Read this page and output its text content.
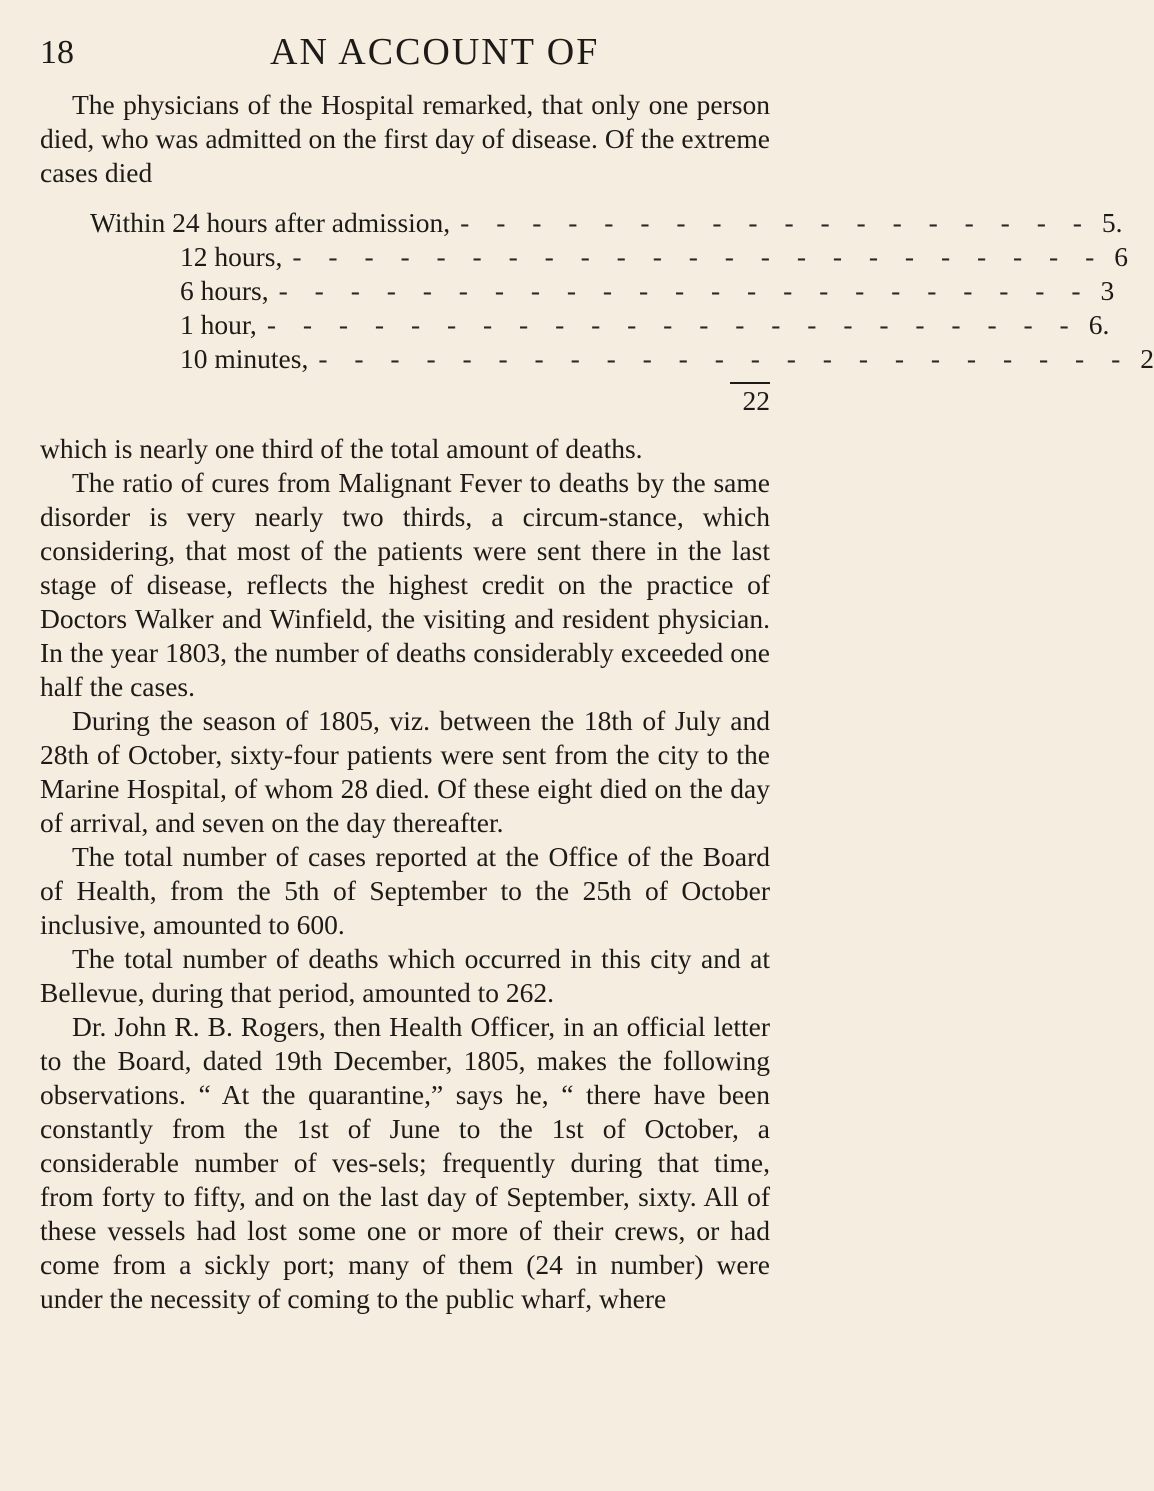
18	AN ACCOUNT OF

The physicians of the Hospital remarked, that only one person died, who was admitted on the first day of disease. Of the extreme cases died

Within 24 hours after admission, - - - - - - - - - - - - - - - - - - 5.
12 hours, - - - - - - - - - - - - - - - - - - - - - - - 6
6 hours, - - - - - - - - - - - - - - - - - - - - - - - 3
1 hour, - - - - - - - - - - - - - - - - - - - - - - - 6.
10 minutes, - - - - - - - - - - - - - - - - - - - - - - - 2
22

which is nearly one third of the total amount of deaths.

The ratio of cures from Malignant Fever to deaths by the same disorder is very nearly two thirds, a circum-stance, which considering, that most of the patients were sent there in the last stage of disease, reflects the highest credit on the practice of Doctors Walker and Winfield, the visiting and resident physician. In the year 1803, the number of deaths considerably exceeded one half the cases.

During the season of 1805, viz. between the 18th of July and 28th of October, sixty-four patients were sent from the city to the Marine Hospital, of whom 28 died. Of these eight died on the day of arrival, and seven on the day thereafter.

The total number of cases reported at the Office of the Board of Health, from the 5th of September to the 25th of October inclusive, amounted to 600.

The total number of deaths which occurred in this city and at Bellevue, during that period, amounted to 262.

Dr. John R. B. Rogers, then Health Officer, in an official letter to the Board, dated 19th December, 1805, makes the following observations. “ At the quarantine,” says he, “ there have been constantly from the 1st of June to the 1st of October, a considerable number of ves-sels; frequently during that time, from forty to fifty, and on the last day of September, sixty. All of these vessels had lost some one or more of their crews, or had come from a sickly port; many of them (24 in number) were under the necessity of coming to the public wharf, where
